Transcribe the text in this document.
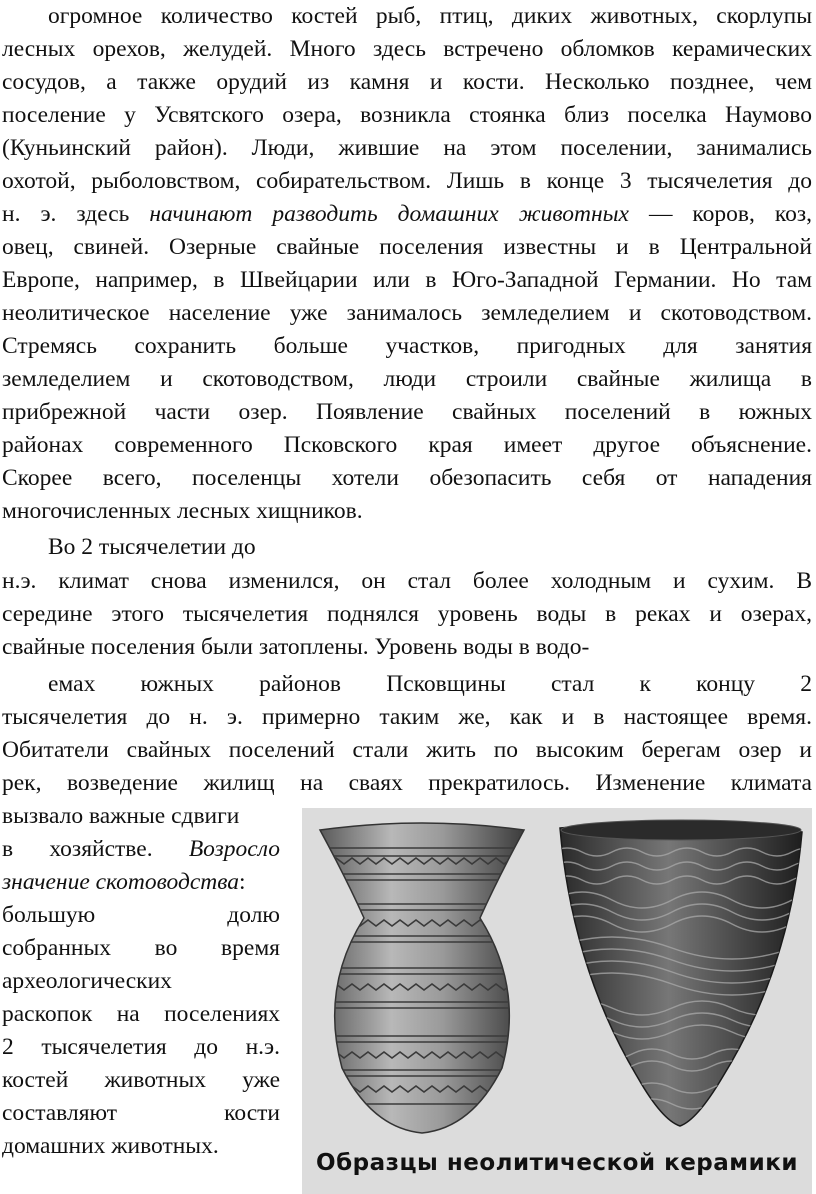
огромное количество костей рыб, птиц, диких животных, скорлупы
лесных орехов, желудей. Много здесь встречено обломков керамических
сосудов, а также орудий из камня и кости. Несколько позднее, чем
поселение у Усвятского озера, возникла стоянка близ поселка Наумово
(Куньинский район). Люди, жившие на этом поселении, занимались
охотой, рыболовством, собирательством. Лишь в конце 3 тысячелетия до
н. э. здесь начинают разводить домашних животных — коров, коз,
овец, свиней. Озерные свайные поселения известны и в Центральной
Европе, например, в Швейцарии или в Юго-Западной Германии. Но там
неолитическое население уже занималось земледелием и скотоводством.
Стремясь сохранить больше участков, пригодных для занятия
земледелием и скотоводством, люди строили свайные жилища в
прибрежной части озер. Появление свайных поселений в южных
районах современного Псковского края имеет другое объяснение.
Скорее всего, поселенцы хотели обезопасить себя от нападения
многочисленных лесных хищников.
Во 2 тысячелетии до
н.э. климат снова изменился, он стал более холодным и сухим. В
середине этого тысячелетия поднялся уровень воды в реках и озерах,
свайные поселения были затоплены. Уровень воды в водо-
емах южных районов Псковщины стал к концу 2
тысячелетия до н. э. примерно таким же, как и в настоящее время.
Обитатели свайных поселений стали жить по высоким берегам озер и
рек, возведение жилищ на сваях прекратилось. Изменение климата
вызвало важные сдвиги
в хозяйстве. Возросло
значение скотоводства:
большую долю
собранных во время
археологических
раскопок на поселениях
2 тысячелетия до н.э.
костей животных уже
составляют кости
домашних животных.
Образцы неолитической керамики
